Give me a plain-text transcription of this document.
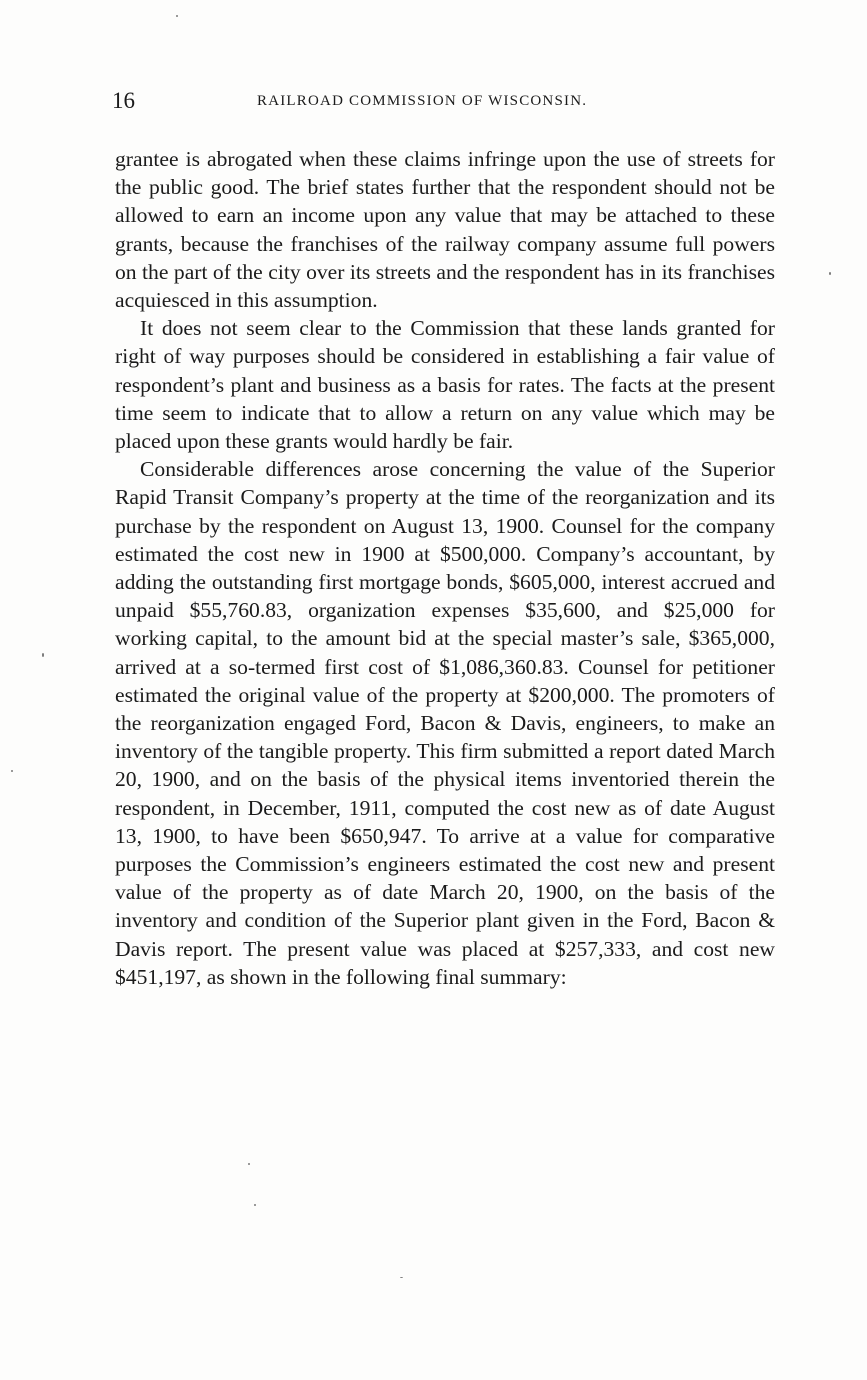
16	RAILROAD COMMISSION OF WISCONSIN.

grantee is abrogated when these claims infringe upon the use of streets for the public good. The brief states further that the respondent should not be allowed to earn an income upon any value that may be attached to these grants, because the franchises of the railway company assume full powers on the part of the city over its streets and the respondent has in its franchises acquiesced in this assumption.

It does not seem clear to the Commission that these lands granted for right of way purposes should be considered in establishing a fair value of respondent’s plant and business as a basis for rates. The facts at the present time seem to indicate that to allow a return on any value which may be placed upon these grants would hardly be fair.

Considerable differences arose concerning the value of the Superior Rapid Transit Company’s property at the time of the reorganization and its purchase by the respondent on August 13, 1900. Counsel for the company estimated the cost new in 1900 at $500,000. Company’s accountant, by adding the outstanding first mortgage bonds, $605,000, interest accrued and unpaid $55,760.83, organization expenses $35,600, and $25,000 for working capital, to the amount bid at the special master’s sale, $365,000, arrived at a so-termed first cost of $1,086,360.83. Counsel for petitioner estimated the original value of the property at $200,000. The promoters of the reorganization engaged Ford, Bacon & Davis, engineers, to make an inventory of the tangible property. This firm submitted a report dated March 20, 1900, and on the basis of the physical items inventoried therein the respondent, in December, 1911, computed the cost new as of date August 13, 1900, to have been $650,947. To arrive at a value for comparative purposes the Commission’s engineers estimated the cost new and present value of the property as of date March 20, 1900, on the basis of the inventory and condition of the Superior plant given in the Ford, Bacon & Davis report. The present value was placed at $257,333, and cost new $451,197, as shown in the following final summary:
